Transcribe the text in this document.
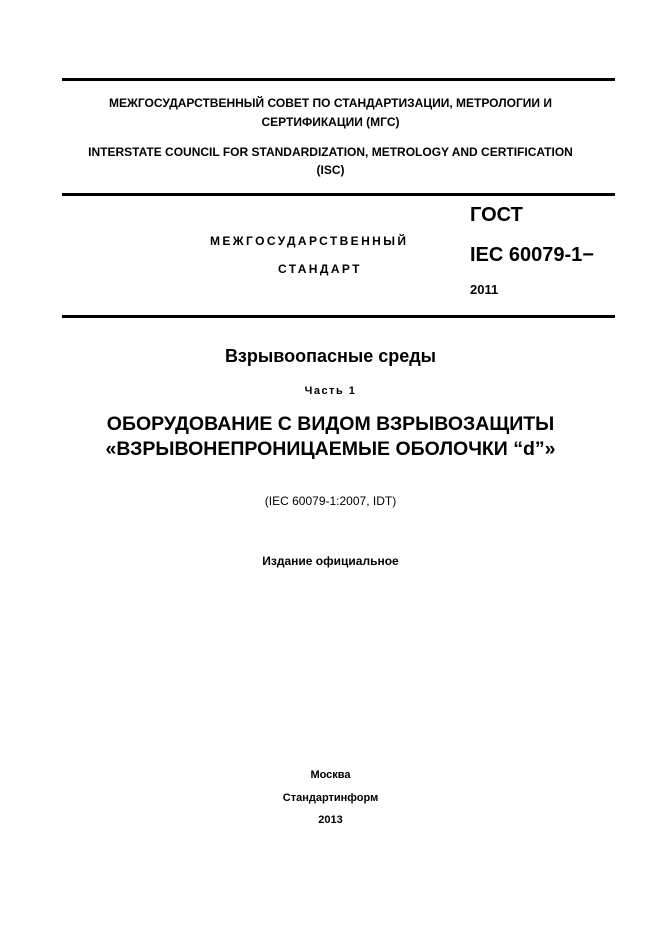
МЕЖГОСУДАРСТВЕННЫЙ СОВЕТ ПО СТАНДАРТИЗАЦИИ, МЕТРОЛОГИИ И
СЕРТИФИКАЦИИ (МГС)
INTERSTATE COUNCIL FOR STANDARDIZATION, METROLOGY AND CERTIFICATION
(ISC)
МЕЖГОСУДАРСТВЕННЫЙ
СТАНДАРТ
ГОСТ
IEC 60079-1−
2011
Взрывоопасные среды
Часть 1
ОБОРУДОВАНИЕ С ВИДОМ ВЗРЫВОЗАЩИТЫ
«ВЗРЫВОНЕПРОНИЦАЕМЫЕ ОБОЛОЧКИ “d”»
(IEC 60079-1:2007, IDT)
Издание официальное
Москва
Стандартинформ
2013
